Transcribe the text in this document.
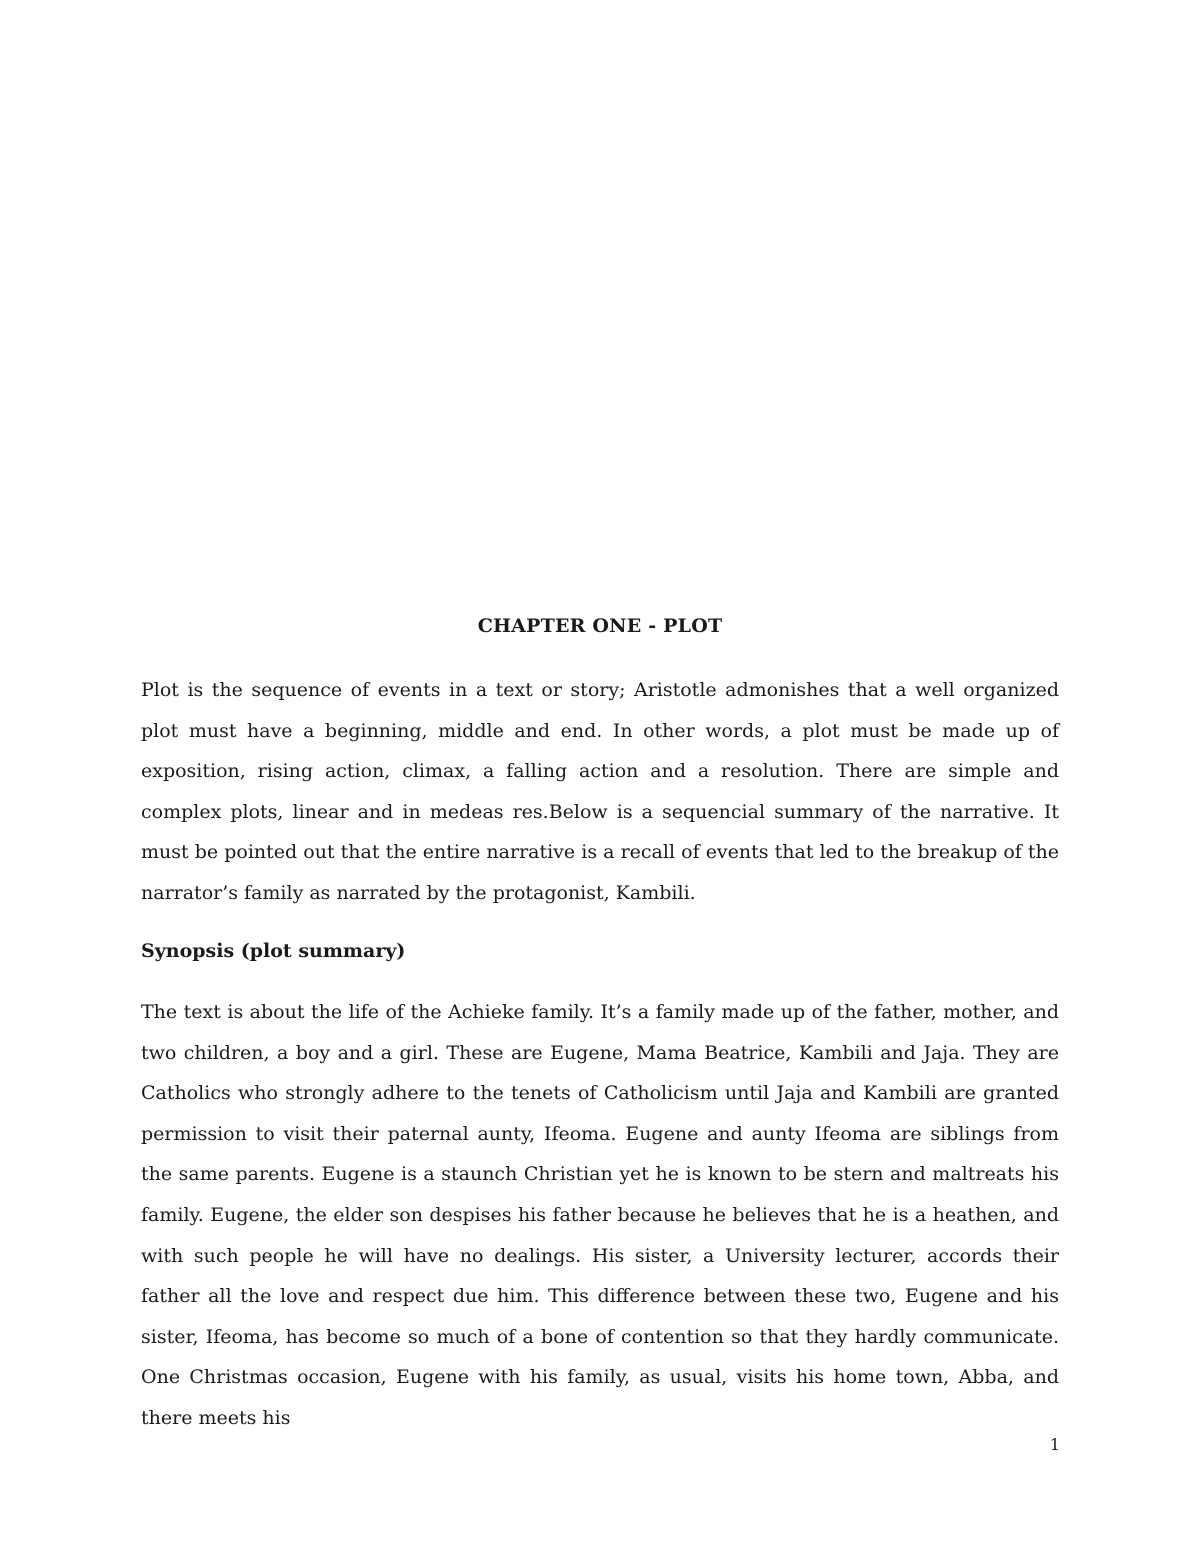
CHAPTER ONE - PLOT

Plot is the sequence of events in a text or story; Aristotle admonishes that a well organized plot must have a beginning, middle and end. In other words, a plot must be made up of exposition, rising action, climax, a falling action and a resolution. There are simple and complex plots, linear and in medeas res.Below is a sequencial summary of the narrative. It must be pointed out that the entire narrative is a recall of events that led to the breakup of the narrator’s family as narrated by the protagonist, Kambili.

Synopsis (plot summary)

The text is about the life of the Achieke family. It’s a family made up of the father, mother, and two children, a boy and a girl. These are Eugene, Mama Beatrice, Kambili and Jaja. They are Catholics who strongly adhere to the tenets of Catholicism until Jaja and Kambili are granted permission to visit their paternal aunty, Ifeoma. Eugene and aunty Ifeoma are siblings from the same parents. Eugene is a staunch Christian yet he is known to be stern and maltreats his family. Eugene, the elder son despises his father because he believes that he is a heathen, and with such people he will have no dealings. His sister, a University lecturer, accords their father all the love and respect due him. This difference between these two, Eugene and his sister, Ifeoma, has become so much of a bone of contention so that they hardly communicate. One Christmas occasion, Eugene with his family, as usual, visits his home town, Abba, and there meets his

1
